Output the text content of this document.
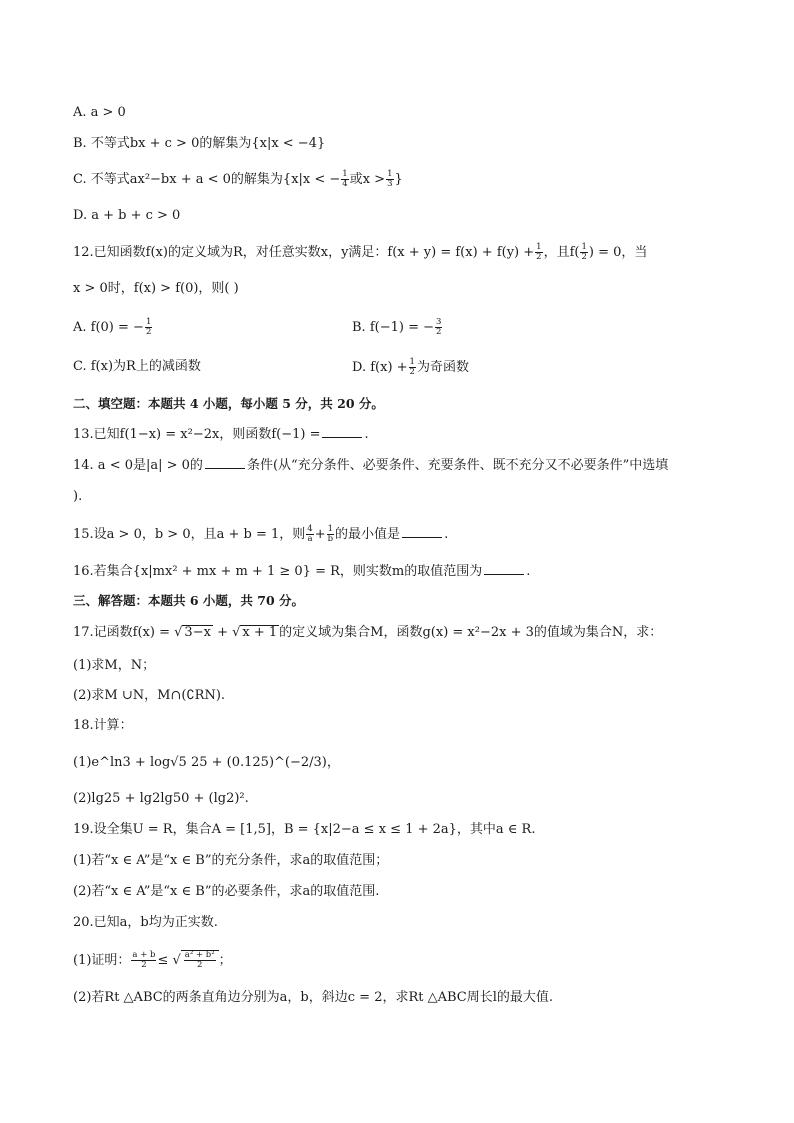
A. a > 0
B. 不等式bx + c > 0的解集为{x|x < −4}
C. 不等式ax²−bx + a < 0的解集为{x|x < − $\frac{1}{4}$ 或$x > \frac{1}{3}$ }
D. a + b + c > 0
12.已知函数f(x)的定义域为R，对任意实数x，y满足：$f(x + y) = f(x) + f(y) + \frac{1}{2}$ ，且$f( \frac{1}{2}$ ) = 0，当
x > 0时，f(x) > f(0)，则( )
A. f(0) = − $\frac{1}{2}$	B. f(−1) = − $\frac{3}{2}$
C. f(x)为R上的减函数	D. $f(x) + \frac{1}{2}$ 为奇函数
二、填空题：本题共 4 小题，每小题 5 分，共 20 分。
13.已知f(1−x) = x²−2x，则函数f(−1) =	.
14. a < 0是|a| > 0的	条件(从“充分条件、必要条件、充要条件、既不充分又不必要条件”中选填
).
15.设a > 0，b > 0，且a + b = 1，则 $\frac{4}{a} + \frac{1}{b}$ 的最小值是	.
16.若集合{x|mx² + mx + m + 1 ≥ 0} = R，则实数m的取值范围为	.
三、解答题：本题共 6 小题，共 70 分。
17.记函数f(x) = √ 3−x + √ x + 1 的定义域为集合M，函数g(x) = x²−2x + 3的值域为集合N，求：
(1)求M，N；
(2)求M ∪N，M∩(∁RN).
18.计算：
(1)e^ln3 + log√5 25 + (0.125)^(−2/3)，
(2)lg25 + lg2lg50 + (lg2)².
19.设全集U = R，集合A = [1,5]，B = {x|2−a ≤ x ≤ 1 + 2a}，其中a ∈ R.
(1)若“x ∈ A”是“x ∈ B”的充分条件，求a的取值范围；
(2)若“x ∈ A”是“x ∈ B”的必要条件，求a的取值范围.
20.已知a，b均为正实数.
(1)证明： $\frac{a + b}{2}$ ≤ √ $\frac{\text{a² + b²}}{2}$ ；
(2)若Rt △ABC的两条直角边分别为a，b，斜边c = 2，求Rt △ABC周长l的最大值.
